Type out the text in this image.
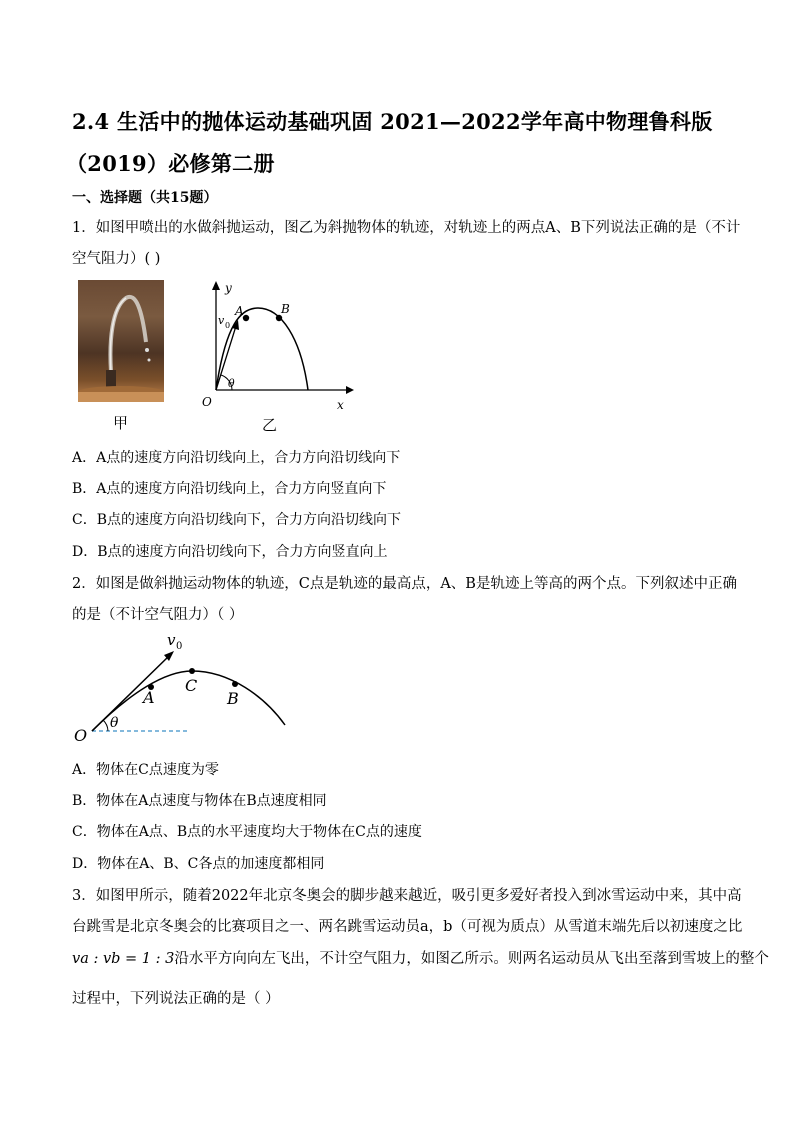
2.4 生活中的抛体运动基础巩固 2021—2022学年高中物理鲁科版
（2019）必修第二册
一、选择题（共15题）
1．如图甲喷出的水做斜抛运动，图乙为斜抛物体的轨迹，对轨迹上的两点A、B下列说法正确的是（不计
空气阻力）( )
甲
y
x
O
v 0
A	B
θ
乙
A．A点的速度方向沿切线向上，合力方向沿切线向下
B．A点的速度方向沿切线向上，合力方向竖直向下
C．B点的速度方向沿切线向下，合力方向沿切线向下
D．B点的速度方向沿切线向下，合力方向竖直向上
2．如图是做斜抛运动物体的轨迹，C点是轨迹的最高点，A、B是轨迹上等高的两个点。下列叙述中正确
的是（不计空气阻力）（ ）
v 0
A
C
B
O
θ
A．物体在C点速度为零
B．物体在A点速度与物体在B点速度相同
C．物体在A点、B点的水平速度均大于物体在C点的速度
D．物体在A、B、C各点的加速度都相同
3．如图甲所示，随着2022年北京冬奥会的脚步越来越近，吸引更多爱好者投入到冰雪运动中来，其中高
台跳雪是北京冬奥会的比赛项目之一、两名跳雪运动员a，b（可视为质点）从雪道末端先后以初速度之比
va : vb = 1 : 3沿水平方向向左飞出，不计空气阻力，如图乙所示。则两名运动员从飞出至落到雪坡上的整个
过程中，下列说法正确的是（ ）
